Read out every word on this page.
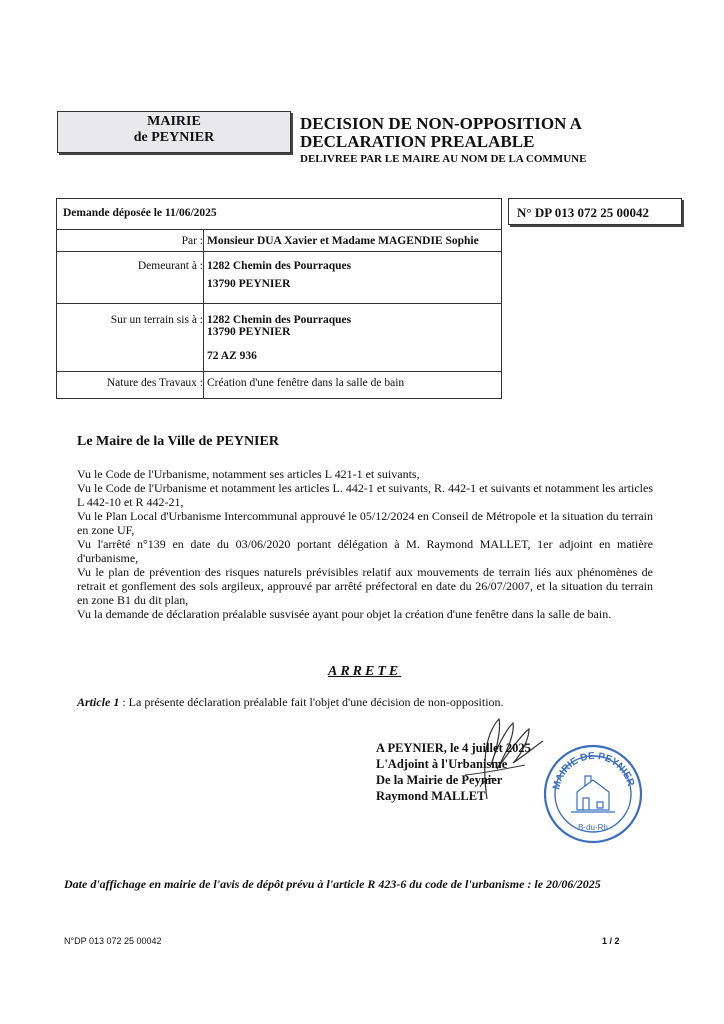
MAIRIE
de PEYNIER
DECISION DE NON-OPPOSITION A
DECLARATION PREALABLE
DELIVREE PAR LE MAIRE AU NOM DE LA COMMUNE
N° DP 013 072 25 00042
Demande déposée le 11/06/2025
Par : Monsieur DUA Xavier et Madame MAGENDIE Sophie
Demeurant à : 1282 Chemin des Pourraques
13790 PEYNIER
Sur un terrain sis à : 1282 Chemin des Pourraques
13790 PEYNIER
72 AZ 936
Nature des Travaux : Création d'une fenêtre dans la salle de bain
Le Maire de la Ville de PEYNIER

Vu le Code de l'Urbanisme, notamment ses articles L 421-1 et suivants,

Vu le Code de l'Urbanisme et notamment les articles L. 442-1 et suivants, R. 442-1 et suivants et notamment les articles L 442-10 et R 442-21,

Vu le Plan Local d'Urbanisme Intercommunal approuvé le 05/12/2024 en Conseil de Métropole et la situation du terrain en zone UF,

Vu l'arrêté n°139 en date du 03/06/2020 portant délégation à M. Raymond MALLET, 1er adjoint en matière d'urbanisme,

Vu le plan de prévention des risques naturels prévisibles relatif aux mouvements de terrain liés aux phénomènes de retrait et gonflement des sols argileux, approuvé par arrêté préfectoral en date du 26/07/2007, et la situation du terrain en zone B1 du dit plan,

Vu la demande de déclaration préalable susvisée ayant pour objet la création d'une fenêtre dans la salle de bain.

ARRETE
Article 1 : La présente déclaration préalable fait l'objet d'une décision de non-opposition.
A PEYNIER, le 4 juillet 2025
L'Adjoint à l'Urbanisme
De la Mairie de Peynier
Raymond MALLET
MAIRIE DE PEYNIER
B-du-Rh
Date d'affichage en mairie de l'avis de dépôt prévu à l'article R 423-6 du code de l'urbanisme : le 20/06/2025
N°DP 013 072 25 00042	1 / 2
